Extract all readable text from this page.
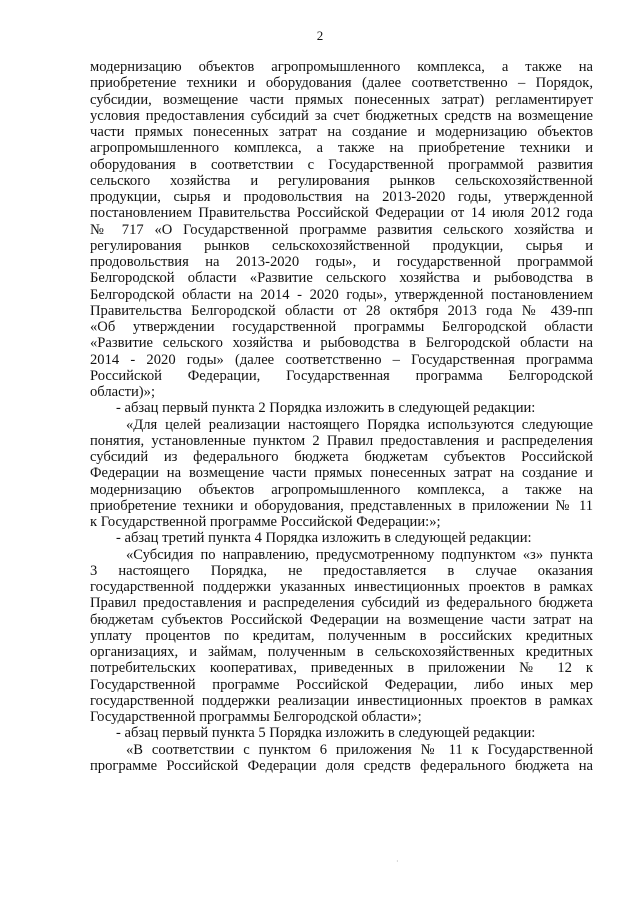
2
модернизацию объектов агропромышленного комплекса, а также на
приобретение техники и оборудования (далее соответственно – Порядок,
субсидии, возмещение части прямых понесенных затрат) регламентирует
условия предоставления субсидий за счет бюджетных средств на возмещение
части прямых понесенных затрат на создание и модернизацию объектов
агропромышленного комплекса, а также на приобретение техники и
оборудования в соответствии с Государственной программой развития
сельского хозяйства и регулирования рынков сельскохозяйственной
продукции, сырья и продовольствия на 2013-2020 годы, утвержденной
постановлением Правительства Российской Федерации от 14 июля 2012 года
№ 717 «О Государственной программе развития сельского хозяйства и
регулирования рынков сельскохозяйственной продукции, сырья и
продовольствия на 2013-2020 годы», и государственной программой
Белгородской области «Развитие сельского хозяйства и рыбоводства в
Белгородской области на 2014 - 2020 годы», утвержденной постановлением
Правительства Белгородской области от 28 октября 2013 года № 439-пп
«Об утверждении государственной программы Белгородской области
«Развитие сельского хозяйства и рыбоводства в Белгородской области на
2014 - 2020 годы» (далее соответственно – Государственная программа
Российской Федерации, Государственная программа Белгородской
области)»;
- абзац первый пункта 2 Порядка изложить в следующей редакции:
«Для целей реализации настоящего Порядка используются следующие
понятия, установленные пунктом 2 Правил предоставления и распределения
субсидий из федерального бюджета бюджетам субъектов Российской
Федерации на возмещение части прямых понесенных затрат на создание и
модернизацию объектов агропромышленного комплекса, а также на
приобретение техники и оборудования, представленных в приложении № 11
к Государственной программе Российской Федерации:»;
- абзац третий пункта 4 Порядка изложить в следующей редакции:
«Субсидия по направлению, предусмотренному подпунктом «з» пункта
3 настоящего Порядка, не предоставляется в случае оказания
государственной поддержки указанных инвестиционных проектов в рамках
Правил предоставления и распределения субсидий из федерального бюджета
бюджетам субъектов Российской Федерации на возмещение части затрат на
уплату процентов по кредитам, полученным в российских кредитных
организациях, и займам, полученным в сельскохозяйственных кредитных
потребительских кооперативах, приведенных в приложении № 12 к
Государственной программе Российской Федерации, либо иных мер
государственной поддержки реализации инвестиционных проектов в рамках
Государственной программы Белгородской области»;
- абзац первый пункта 5 Порядка изложить в следующей редакции:
«В соответствии с пунктом 6 приложения № 11 к Государственной
программе Российской Федерации доля средств федерального бюджета на
·
